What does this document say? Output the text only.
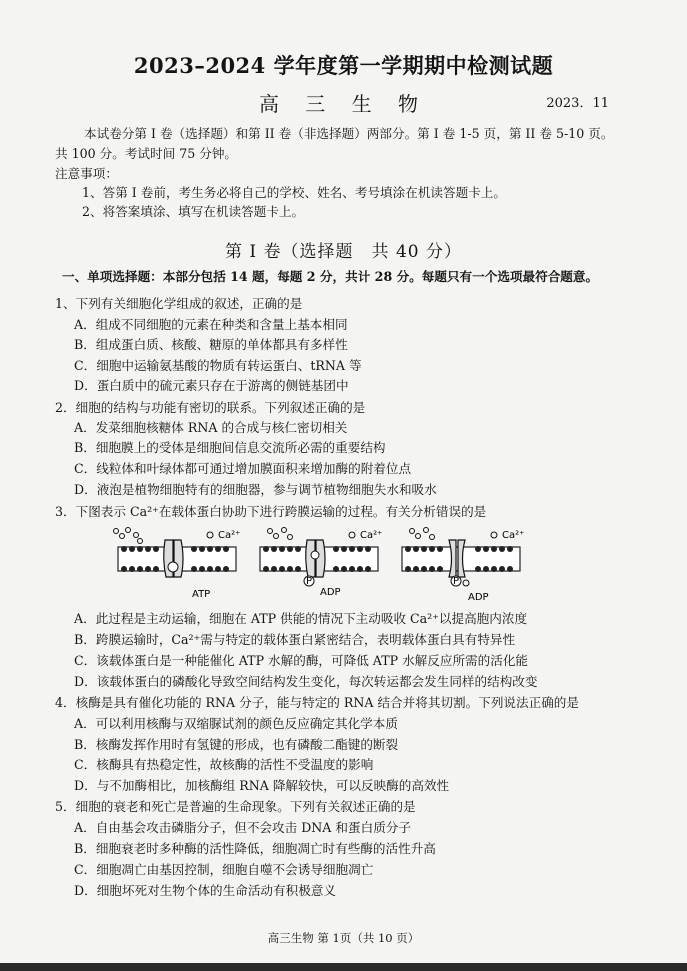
2023–2024 学年度第一学期期中检测试题
高 三 生 物	2023．11
本试卷分第 I 卷（选择题）和第 II 卷（非选择题）两部分。第 I 卷 1-5 页，第 II 卷 5-10 页。
共 100 分。考试时间 75 分钟。
注意事项：
1、答第 I 卷前，考生务必将自己的学校、姓名、考号填涂在机读答题卡上。
2、将答案填涂、填写在机读答题卡上。
第 I 卷（选择题　共 40 分）
一、单项选择题：本部分包括 14 题，每题 2 分，共计 28 分。每题只有一个选项最符合题意。
1、下列有关细胞化学组成的叙述，正确的是
A．组成不同细胞的元素在种类和含量上基本相同
B．组成蛋白质、核酸、糖原的单体都具有多样性
C．细胞中运输氨基酸的物质有转运蛋白、tRNA 等
D．蛋白质中的硫元素只存在于游离的侧链基团中
2．细胞的结构与功能有密切的联系。下列叙述正确的是
A．发菜细胞核糖体 RNA 的合成与核仁密切相关
B．细胞膜上的受体是细胞间信息交流所必需的重要结构
C．线粒体和叶绿体都可通过增加膜面积来增加酶的附着位点
D．液泡是植物细胞特有的细胞器，参与调节植物细胞失水和吸水
3．下图表示 Ca²⁺在载体蛋白协助下进行跨膜运输的过程。有关分析错误的是
Ca²⁺
ATP
P
Ca²⁺
ADP
P
Ca²⁺
ADP
A．此过程是主动运输，细胞在 ATP 供能的情况下主动吸收 Ca²⁺以提高胞内浓度
B．跨膜运输时，Ca²⁺需与特定的载体蛋白紧密结合，表明载体蛋白具有特异性
C．该载体蛋白是一种能催化 ATP 水解的酶，可降低 ATP 水解反应所需的活化能
D．该载体蛋白的磷酸化导致空间结构发生变化，每次转运都会发生同样的结构改变
4．核酶是具有催化功能的 RNA 分子，能与特定的 RNA 结合并将其切割。下列说法正确的是
A．可以利用核酶与双缩脲试剂的颜色反应确定其化学本质
B．核酶发挥作用时有氢键的形成，也有磷酸二酯键的断裂
C．核酶具有热稳定性，故核酶的活性不受温度的影响
D．与不加酶相比，加核酶组 RNA 降解较快，可以反映酶的高效性
5．细胞的衰老和死亡是普遍的生命现象。下列有关叙述正确的是
A．自由基会攻击磷脂分子，但不会攻击 DNA 和蛋白质分子
B．细胞衰老时多种酶的活性降低，细胞凋亡时有些酶的活性升高
C．细胞凋亡由基因控制，细胞自噬不会诱导细胞凋亡
D．细胞坏死对生物个体的生命活动有积极意义
高三生物 第 1页（共 10 页）
